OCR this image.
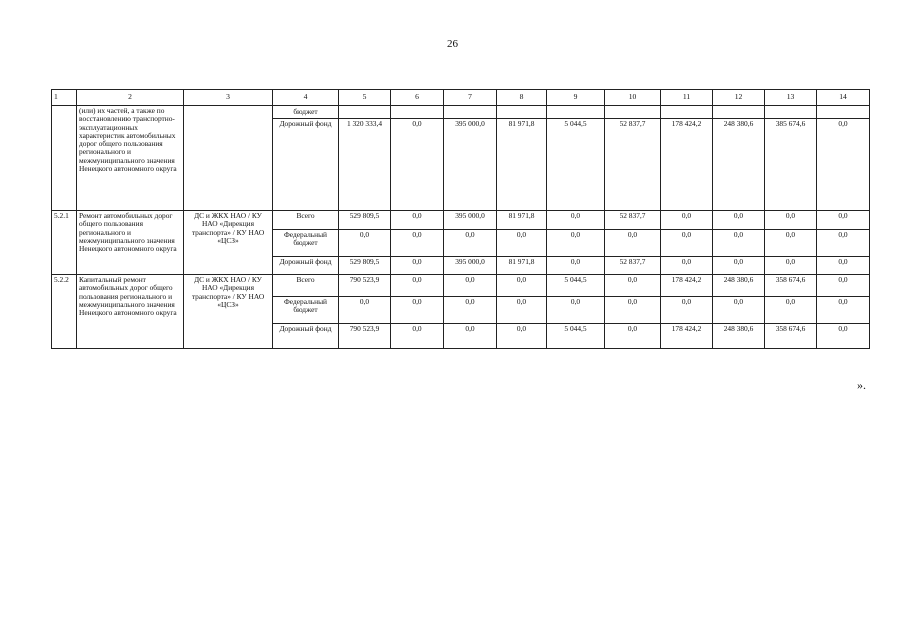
26
1	2	3	4	5	6	7	8	9	10	11	12	13	14
	(или) их частей, а также по восстановлению транспортно-эксплуатационных характеристик автомобильных дорог общего пользования регионального и межмуниципального значения Ненецкого автономного округа		бюджет										
			Дорожный фонд	1 320 333,4	0,0	395 000,0	81 971,8	5 044,5	52 837,7	178 424,2	248 380,6	385 674,6	0,0
5.2.1	Ремонт автомобильных дорог общего пользования регионального и межмуниципального значения Ненецкого автономного округа	ДС и ЖКХ НАО / КУ НАО «Дирекция транспорта» / КУ НАО «ЦСЗ»	Всего	529 809,5	0,0	395 000,0	81 971,8	0,0	52 837,7	0,0	0,0	0,0	0,0
			Федеральный бюджет	0,0	0,0	0,0	0,0	0,0	0,0	0,0	0,0	0,0	0,0
			Дорожный фонд	529 809,5	0,0	395 000,0	81 971,8	0,0	52 837,7	0,0	0,0	0,0	0,0
5.2.2	Капитальный ремонт автомобильных дорог общего пользования регионального и межмуниципального значения Ненецкого автономного округа	ДС и ЖКХ НАО / КУ НАО «Дирекция транспорта» / КУ НАО «ЦСЗ»	Всего	790 523,9	0,0	0,0	0,0	5 044,5	0,0	178 424,2	248 380,6	358 674,6	0,0
			Федеральный бюджет	0,0	0,0	0,0	0,0	0,0	0,0	0,0	0,0	0,0	0,0
			Дорожный фонд	790 523,9	0,0	0,0	0,0	5 044,5	0,0	178 424,2	248 380,6	358 674,6	0,0
».
